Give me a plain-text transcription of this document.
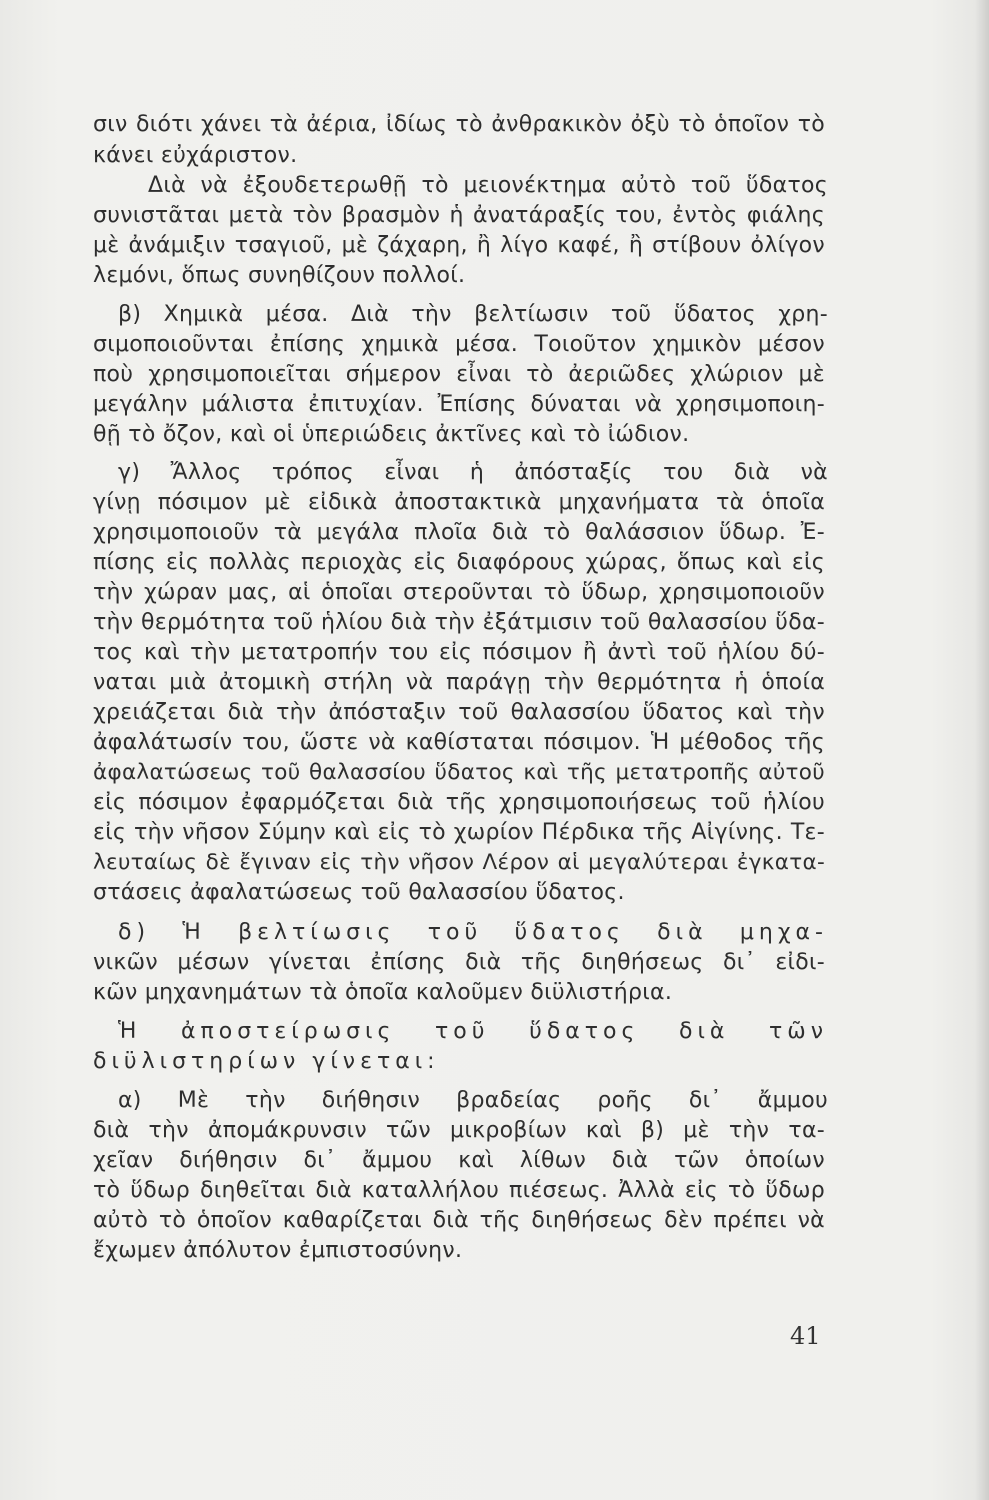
σιν διότι χάνει τὰ ἀέρια, ἰδίως τὸ ἀνθρακικὸν ὀξὺ τὸ ὁποῖον τὸ
κάνει εὐχάριστον.
Διὰ νὰ ἐξουδετερωθῇ τὸ μειονέκτημα αὐτὸ τοῦ ὕδατος
συνιστᾶται μετὰ τὸν βρασμὸν ἡ ἀνατάραξίς του, ἐντὸς φιάλης
μὲ ἀνάμιξιν τσαγιοῦ, μὲ ζάχαρη, ἢ λίγο καφέ, ἢ στίβουν ὀλίγον
λεμόνι, ὅπως συνηθίζουν πολλοί.
β) Χημικὰ μέσα. Διὰ τὴν βελτίωσιν τοῦ ὕδατος χρη-
σιμοποιοῦνται ἐπίσης χημικὰ μέσα. Τοιοῦτον χημικὸν μέσον
ποὺ χρησιμοποιεῖται σήμερον εἶναι τὸ ἀεριῶδες χλώριον μὲ
μεγάλην μάλιστα ἐπιτυχίαν. Ἐπίσης δύναται νὰ χρησιμοποιη-
θῇ τὸ ὄζον, καὶ οἱ ὑπεριώδεις ἀκτῖνες καὶ τὸ ἰώδιον.
γ) Ἄλλος τρόπος εἶναι ἡ ἀπόσταξίς του διὰ νὰ
γίνῃ πόσιμον μὲ εἰδικὰ ἀποστακτικὰ μηχανήματα τὰ ὁποῖα
χρησιμοποιοῦν τὰ μεγάλα πλοῖα διὰ τὸ θαλάσσιον ὕδωρ. Ἐ-
πίσης εἰς πολλὰς περιοχὰς εἰς διαφόρους χώρας, ὅπως καὶ εἰς
τὴν χώραν μας, αἱ ὁποῖαι στεροῦνται τὸ ὕδωρ, χρησιμοποιοῦν
τὴν θερμότητα τοῦ ἡλίου διὰ τὴν ἐξάτμισιν τοῦ θαλασσίου ὕδα-
τος καὶ τὴν μετατροπήν του εἰς πόσιμον ἢ ἀντὶ τοῦ ἡλίου δύ-
ναται μιὰ ἀτομικὴ στήλη νὰ παράγῃ τὴν θερμότητα ἡ ὁποία
χρειάζεται διὰ τὴν ἀπόσταξιν τοῦ θαλασσίου ὕδατος καὶ τὴν
ἀφαλάτωσίν του, ὥστε νὰ καθίσταται πόσιμον. Ἡ μέθοδος τῆς
ἀφαλατώσεως τοῦ θαλασσίου ὕδατος καὶ τῆς μετατροπῆς αὐτοῦ
εἰς πόσιμον ἐφαρμόζεται διὰ τῆς χρησιμοποιήσεως τοῦ ἡλίου
εἰς τὴν νῆσον Σύμην καὶ εἰς τὸ χωρίον Πέρδικα τῆς Αἰγίνης. Τε-
λευταίως δὲ ἔγιναν εἰς τὴν νῆσον Λέρον αἱ μεγαλύτεραι ἐγκατα-
στάσεις ἀφαλατώσεως τοῦ θαλασσίου ὕδατος.
δ) Ἡ βελτίωσις τοῦ ὕδατος διὰ μηχα-
νικῶν μέσων γίνεται ἐπίσης διὰ τῆς διηθήσεως δι᾽ εἰδι-
κῶν μηχανημάτων τὰ ὁποῖα καλοῦμεν διϋλιστήρια.
Ἡ ἀποστείρωσις τοῦ ὕδατος διὰ τῶν
διϋλιστηρίων γίνεται:
α) Μὲ τὴν διήθησιν βραδείας ροῆς δι᾽ ἄμμου
διὰ τὴν ἀπομάκρυνσιν τῶν μικροβίων καὶ β) μὲ τὴν τα-
χεῖαν διήθησιν δι᾽ ἄμμου καὶ λίθων διὰ τῶν ὁποίων
τὸ ὕδωρ διηθεῖται διὰ καταλλήλου πιέσεως. Ἀλλὰ εἰς τὸ ὕδωρ
αὐτὸ τὸ ὁποῖον καθαρίζεται διὰ τῆς διηθήσεως δὲν πρέπει νὰ
ἔχωμεν ἀπόλυτον ἐμπιστοσύνην.
41
